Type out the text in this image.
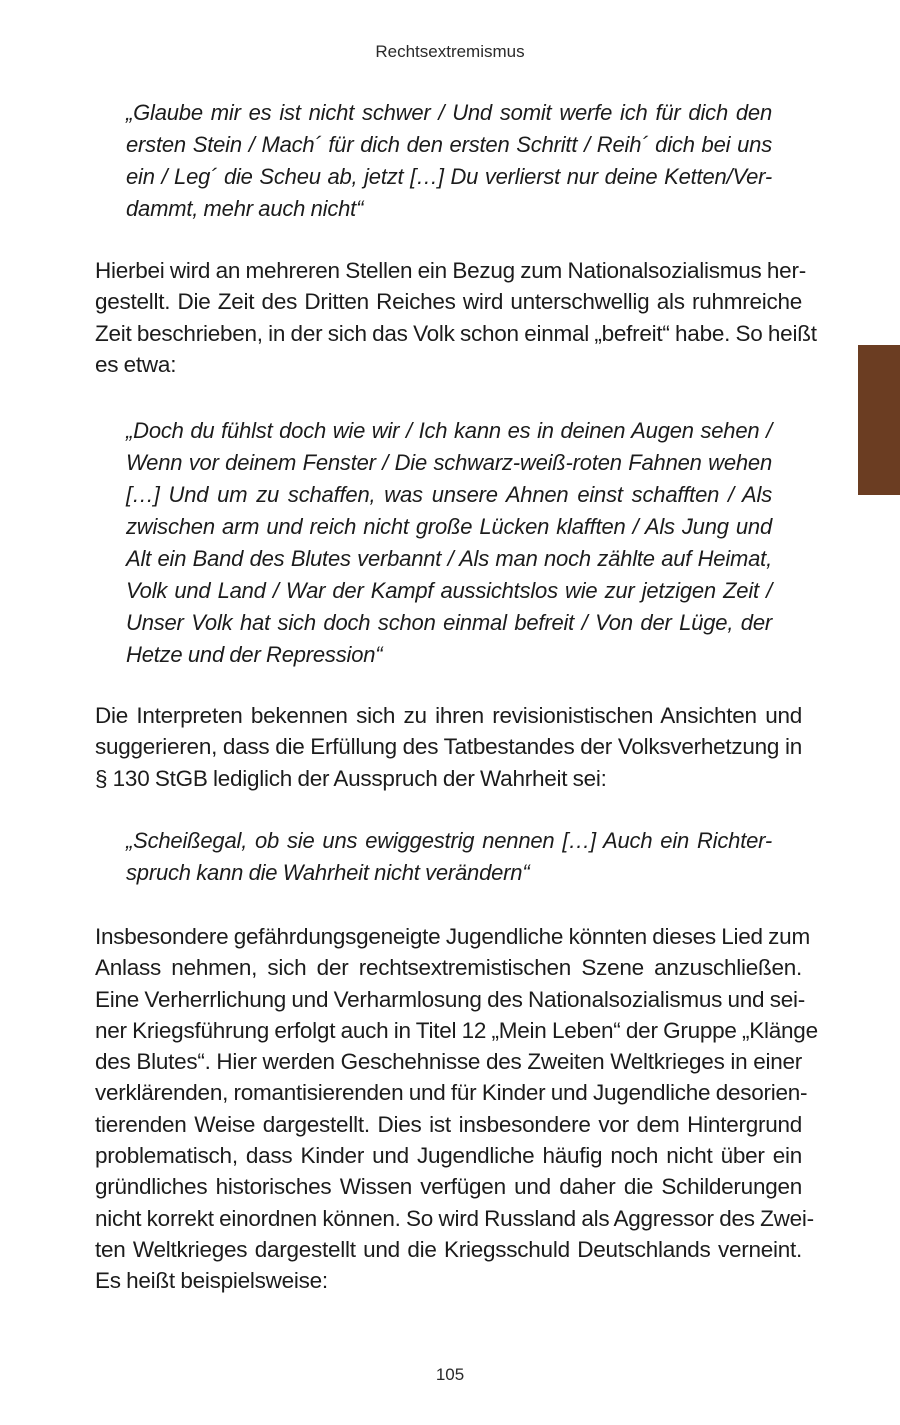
Rechtsextremismus
„Glaube mir es ist nicht schwer / Und somit werfe ich für dich den
ersten Stein / Mach´ für dich den ersten Schritt / Reih´ dich bei uns
ein / Leg´ die Scheu ab, jetzt […] Du verlierst nur deine Ketten/Ver-
dammt, mehr auch nicht“
Hierbei wird an mehreren Stellen ein Bezug zum Nationalsozialismus her-
gestellt. Die Zeit des Dritten Reiches wird unterschwellig als ruhmreiche
Zeit beschrieben, in der sich das Volk schon einmal „befreit“ habe. So heißt
es etwa:
„Doch du fühlst doch wie wir / Ich kann es in deinen Augen sehen /
Wenn vor deinem Fenster / Die schwarz-weiß-roten Fahnen wehen
[…] Und um zu schaffen, was unsere Ahnen einst schafften / Als
zwischen arm und reich nicht große Lücken klafften / Als Jung und
Alt ein Band des Blutes verbannt / Als man noch zählte auf Heimat,
Volk und Land / War der Kampf aussichtslos wie zur jetzigen Zeit /
Unser Volk hat sich doch schon einmal befreit / Von der Lüge, der
Hetze und der Repression“
Die Interpreten bekennen sich zu ihren revisionistischen Ansichten und
suggerieren, dass die Erfüllung des Tatbestandes der Volksverhetzung in
§ 130 StGB lediglich der Ausspruch der Wahrheit sei:
„Scheißegal, ob sie uns ewiggestrig nennen […] Auch ein Richter-
spruch kann die Wahrheit nicht verändern“
Insbesondere gefährdungsgeneigte Jugendliche könnten dieses Lied zum
Anlass nehmen, sich der rechtsextremistischen Szene anzuschließen.
Eine Verherrlichung und Verharmlosung des Nationalsozialismus und sei-
ner Kriegsführung erfolgt auch in Titel 12 „Mein Leben“ der Gruppe „Klänge
des Blutes“. Hier werden Geschehnisse des Zweiten Weltkrieges in einer
verklärenden, romantisierenden und für Kinder und Jugendliche desorien-
tierenden Weise dargestellt. Dies ist insbesondere vor dem Hintergrund
problematisch, dass Kinder und Jugendliche häufig noch nicht über ein
gründliches historisches Wissen verfügen und daher die Schilderungen
nicht korrekt einordnen können. So wird Russland als Aggressor des Zwei-
ten Weltkrieges dargestellt und die Kriegsschuld Deutschlands verneint.
Es heißt beispielsweise:
105
